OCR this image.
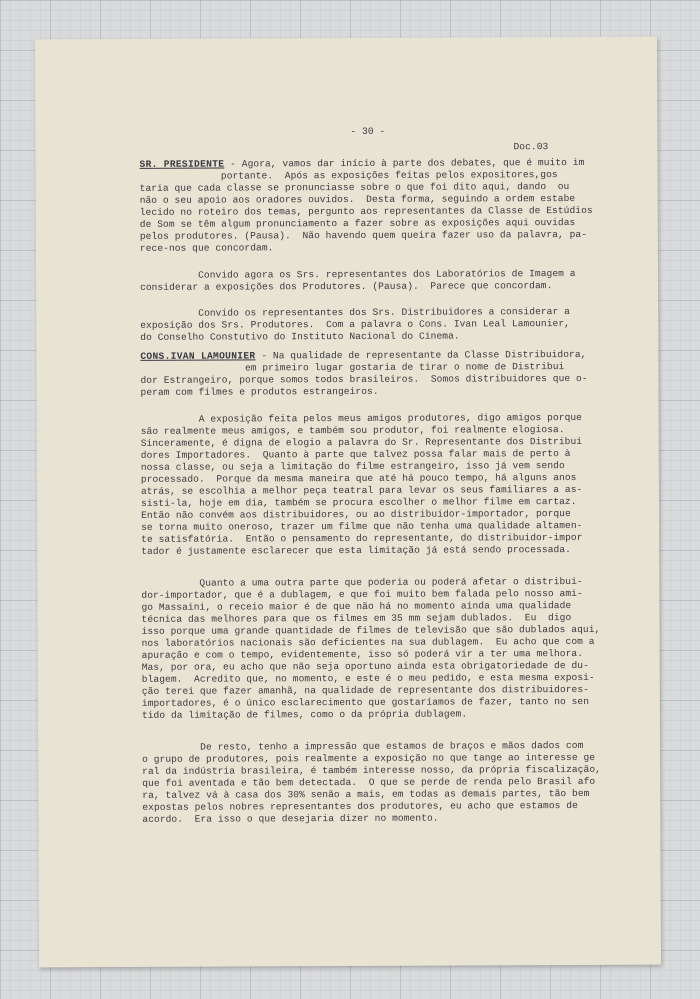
- 30 -

Doc.03

SR. PRESIDENTE - Agora, vamos dar início à parte dos debates, que é muito im

portante.  Após as exposições feitas pelos expositores,gos

taria que cada classe se pronunciasse sobre o que foi dito aqui, dando  ou

não o seu apoio aos oradores ouvidos.  Desta forma, seguindo a ordem estabe

lecido no roteiro dos temas, pergunto aos representantes da Classe de Estúdios

de Som se têm algum pronunciamento a fazer sobre as exposições aqui ouvidas

pelos produtores. (Pausa).  Não havendo quem queira fazer uso da palavra, pa-

rece-nos que concordam.

Convido agora os Srs. representantes dos Laboratórios de Imagem a

considerar a exposições dos Produtores. (Pausa).  Parece que concordam.

Convido os representantes dos Srs. Distribuidores a considerar a

exposição dos Srs. Produtores.  Com a palavra o Cons. Ivan Leal Lamounier,

do Conselho Constutivo do Instituto Nacional do Cinema.

CONS.IVAN LAMOUNIER - Na qualidade de representante da Classe Distribuidora,

em primeiro lugar gostaria de tirar o nome de Distribui

dor Estrangeiro, porque somos todos brasileiros.  Somos distribuidores que o-

peram com filmes e produtos estrangeiros.

A exposição feita pelos meus amigos produtores, digo amigos porque

são realmente meus amigos, e também sou produtor, foi realmente elogiosa.

Sinceramente, é digna de elogio a palavra do Sr. Representante dos Distribui

dores Importadores.  Quanto à parte que talvez possa falar mais de perto à

nossa classe, ou seja a limitação do filme estrangeiro, isso já vem sendo

processado.  Porque da mesma maneira que até há pouco tempo, há alguns anos

atrás, se escolhia a melhor peça teatral para levar os seus familiares a as-

sisti-la, hoje em dia, também se procura escolher o melhor filme em cartaz.

Então não convém aos distribuidores, ou ao distribuidor-importador, porque

se torna muito oneroso, trazer um filme que não tenha uma qualidade altamen-

te satisfatória.  Então o pensamento do representante, do distribuidor-impor

tador é justamente esclarecer que esta limitação já está sendo processada.

Quanto a uma outra parte que poderia ou poderá afetar o distribui-

dor-importador, que é a dublagem, e que foi muito bem falada pelo nosso ami-

go Massaini, o receio maior é de que não há no momento ainda uma qualidade

técnica das melhores para que os filmes em 35 mm sejam dublados.  Eu  digo

isso porque uma grande quantidade de filmes de televisão que são dublados aqui,

nos laboratórios nacionais são deficientes na sua dublagem.  Eu acho que com a

apuração e com o tempo, evidentemente, isso só poderá vir a ter uma melhora.

Mas, por ora, eu acho que não seja oportuno ainda esta obrigatoriedade de du-

blagem.  Acredito que, no momento, e este é o meu pedido, e esta mesma exposi-

ção terei que fazer amanhã, na qualidade de representante dos distribuidores-

importadores, é o único esclarecimento que gostaríamos de fazer, tanto no sen

tido da limitação de filmes, como o da própria dublagem.

De resto, tenho a impressão que estamos de braços e mãos dados com

o grupo de produtores, pois realmente a exposição no que tange ao interesse ge

ral da indústria brasileira, é também interesse nosso, da própria fiscalização,

que foi aventada e tão bem detectada.  O que se perde de renda pelo Brasil afo

ra, talvez vá à casa dos 30% senão a mais, em todas as demais partes, tão bem

expostas pelos nobres representantes dos produtores, eu acho que estamos de

acordo.  Era isso o que desejaria dizer no momento.
